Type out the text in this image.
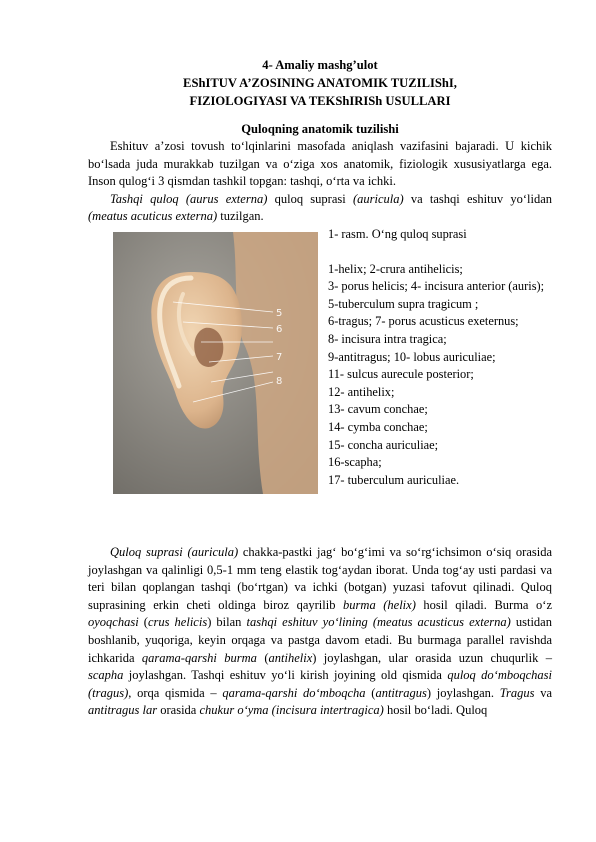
4- Amaliy mashg’ulot
EShITUV A’ZOSINING ANATOMIK TUZILIShI,
FIZIOLOGIYASI VA TEKShIRISh USULLARI
Quloqning anatomik tuzilishi

Eshituv a’zosi tovush to‘lqinlarini masofada aniqlash vazifasini bajaradi. U kichik bo‘lsada juda murakkab tuzilgan va o‘ziga xos anatomik, fiziologik xususiyatlarga ega. Inson qulog‘i 3 qismdan tashkil topgan: tashqi, o‘rta va ichki.

Tashqi quloq (aurus externa) quloq suprasi (auricula) va tashqi eshituv yo‘lidan (meatus acuticus externa) tuzilgan.

5
6
7
8
1- rasm. O‘ng quloq suprasi
1-helix; 2-crura antihelicis;
3- porus helicis; 4- incisura anterior (auris);
5-tuberculum supra tragicum ;
6-tragus; 7- porus acusticus exeternus;
8- incisura intra tragica;
9-antitragus; 10- lobus auriculiae;
11- sulcus aurecule posterior;
12- antihelix;
13- cavum conchae;
14- cymba conchae;
15- concha auriculiae;
16-scapha;
17- tuberculum auriculiae.

Quloq suprasi (auricula) chakka-pastki jag‘ bo‘g‘imi va so‘rg‘ichsimon o‘siq orasida joylashgan va qalinligi 0,5-1 mm teng elastik tog‘aydan iborat. Unda tog‘ay usti pardasi va teri bilan qoplangan tashqi (bo‘rtgan) va ichki (botgan) yuzasi tafovut qilinadi. Quloq suprasining erkin cheti oldinga biroz qayrilib burma (helix) hosil qiladi. Burma o‘z oyoqchasi (crus helicis) bilan tashqi eshituv yo‘lining (meatus acusticus externa) ustidan boshlanib, yuqoriga, keyin orqaga va pastga davom etadi. Bu burmaga parallel ravishda ichkarida qarama-qarshi burma (antihelix) joylashgan, ular orasida uzun chuqurlik – scapha joylashgan. Tashqi eshituv yo‘li kirish joyining old qismida quloq do‘mboqchasi (tragus), orqa qismida – qarama-qarshi do‘mboqcha (antitragus) joylashgan. Tragus va antitragus lar orasida chukur o‘yma (incisura intertragica) hosil bo‘ladi. Quloq
